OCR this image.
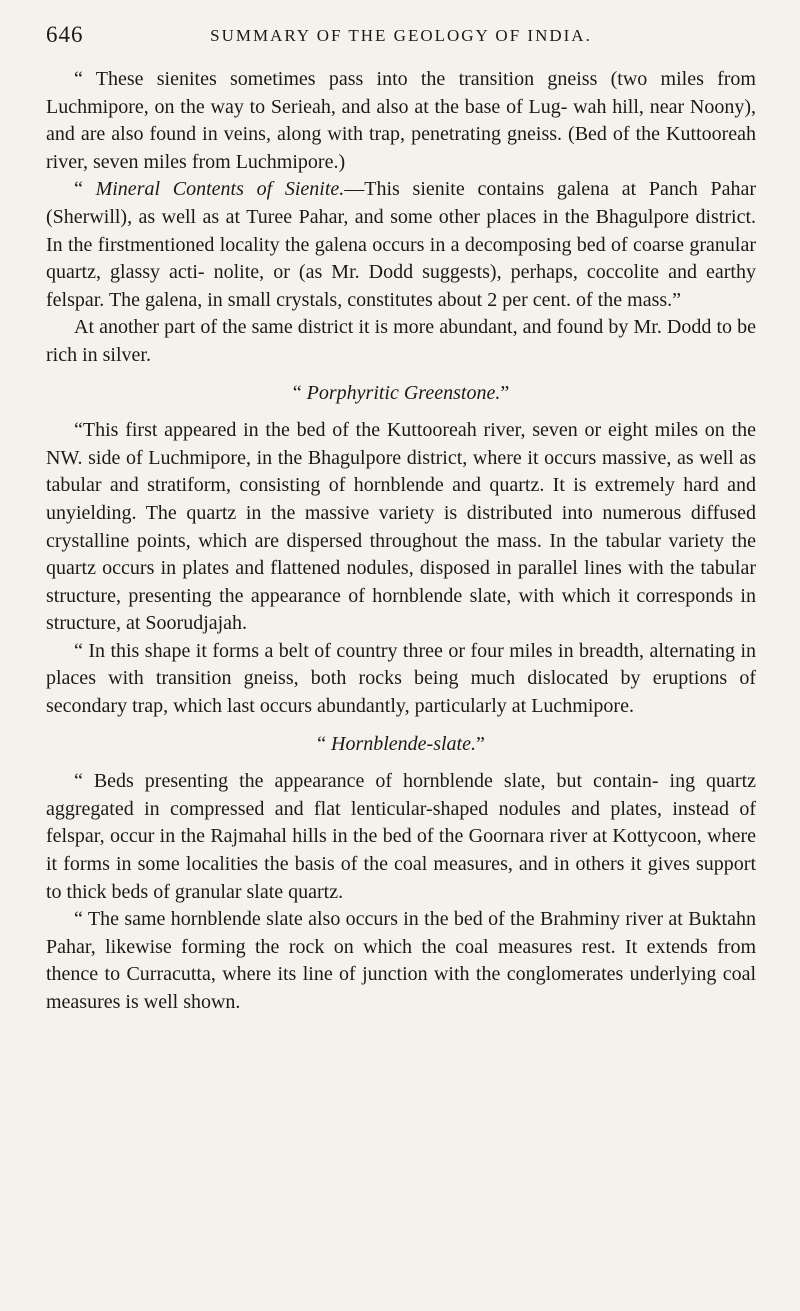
646	SUMMARY OF THE GEOLOGY OF INDIA.

“ These sienites sometimes pass into the transition gneiss (two miles from Luchmipore, on the way to Serieah, and also at the base of Lug- wah hill, near Noony), and are also found in veins, along with trap, penetrating gneiss. (Bed of the Kuttooreah river, seven miles from Luchmipore.)

“ Mineral Contents of Sienite.—This sienite contains galena at Panch Pahar (Sherwill), as well as at Turee Pahar, and some other places in the Bhagulpore district. In the firstmentioned locality the galena occurs in a decomposing bed of coarse granular quartz, glassy acti- nolite, or (as Mr. Dodd suggests), perhaps, coccolite and earthy felspar. The galena, in small crystals, constitutes about 2 per cent. of the mass.”

At another part of the same district it is more abundant, and found by Mr. Dodd to be rich in silver.

“ Porphyritic Greenstone.”

“This first appeared in the bed of the Kuttooreah river, seven or eight miles on the NW. side of Luchmipore, in the Bhagulpore district, where it occurs massive, as well as tabular and stratiform, consisting of hornblende and quartz. It is extremely hard and unyielding. The quartz in the massive variety is distributed into numerous diffused crystalline points, which are dispersed throughout the mass. In the tabular variety the quartz occurs in plates and flattened nodules, disposed in parallel lines with the tabular structure, presenting the appearance of hornblende slate, with which it corresponds in structure, at Soorudjajah.

“ In this shape it forms a belt of country three or four miles in breadth, alternating in places with transition gneiss, both rocks being much dislocated by eruptions of secondary trap, which last occurs abundantly, particularly at Luchmipore.

“ Hornblende-slate.”

“ Beds presenting the appearance of hornblende slate, but contain- ing quartz aggregated in compressed and flat lenticular-shaped nodules and plates, instead of felspar, occur in the Rajmahal hills in the bed of the Goornara river at Kottycoon, where it forms in some localities the basis of the coal measures, and in others it gives support to thick beds of granular slate quartz.

“ The same hornblende slate also occurs in the bed of the Brahminy river at Buktahn Pahar, likewise forming the rock on which the coal measures rest. It extends from thence to Curracutta, where its line of junction with the conglomerates underlying coal measures is well shown.
